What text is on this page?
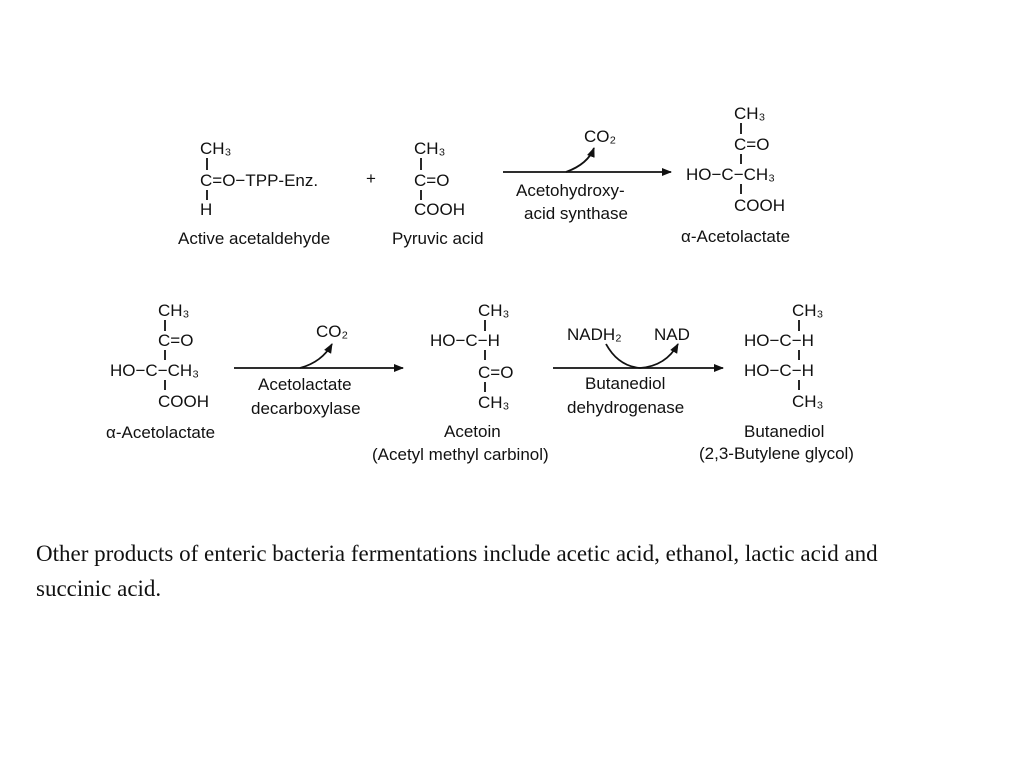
CH₃
C=O−TPP-Enz.
H
Active acetaldehyde
+
CH₃
C=O
COOH
Pyruvic acid
CO₂
Acetohydroxy-
acid synthase
CH₃
C=O
HO−C−CH₃
COOH
α-Acetolactate
CH₃
C=O
HO−C−CH₃
COOH
α-Acetolactate
CO₂
Acetolactate
decarboxylase
CH₃
HO−C−H
C=O
CH₃
Acetoin
(Acetyl methyl carbinol)
NADH₂ NAD
Butanediol
dehydrogenase
CH₃
HO−C−H
HO−C−H
CH₃
Butanediol
(2,3-Butylene glycol)
Other products of enteric bacteria fermentations include acetic acid, ethanol, lactic acid and succinic acid.
